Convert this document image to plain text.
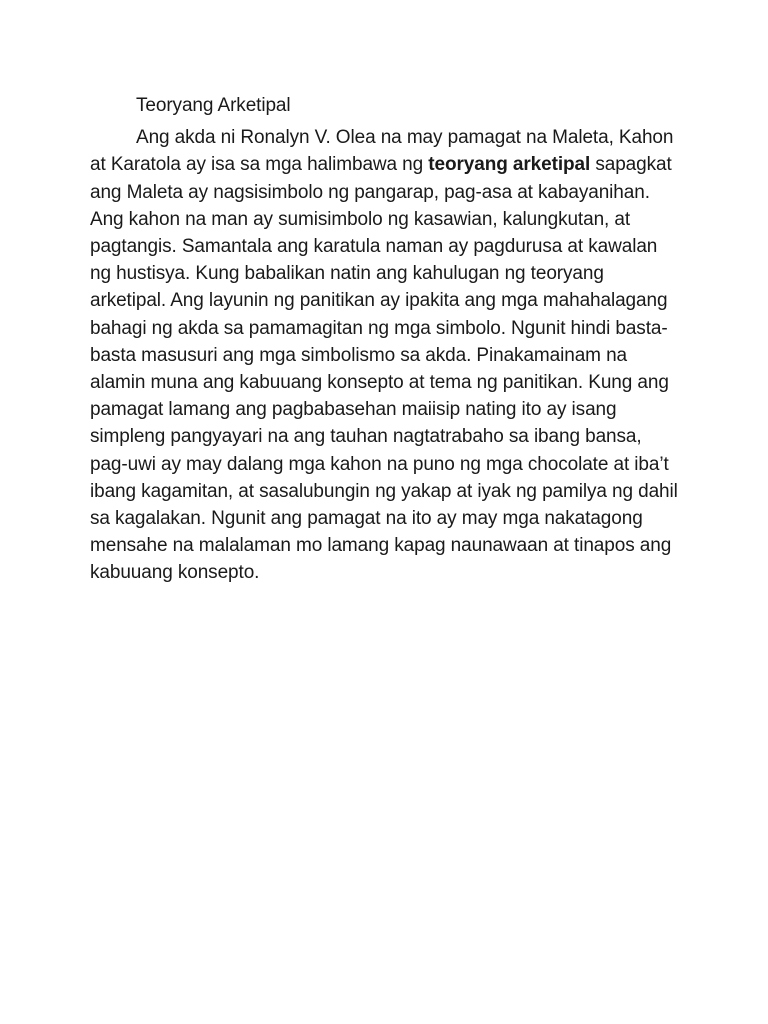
Teoryang Arketipal

Ang akda ni Ronalyn V. Olea na may pamagat na Maleta, Kahon at Karatola ay isa sa mga halimbawa ng teoryang arketipal sapagkat ang Maleta ay nagsisimbolo ng pangarap, pag-asa at kabayanihan. Ang kahon na man ay sumisimbolo ng kasawian, kalungkutan, at pagtangis. Samantala ang karatula naman ay pagdurusa at kawalan ng hustisya. Kung babalikan natin ang kahulugan ng teoryang arketipal. Ang layunin ng panitikan ay ipakita ang mga mahahalagang bahagi ng akda sa pamamagitan ng mga simbolo. Ngunit hindi basta-basta masusuri ang mga simbolismo sa akda. Pinakamainam na alamin muna ang kabuuang konsepto at tema ng panitikan. Kung ang pamagat lamang ang pagbabasehan maiisip nating ito ay isang simpleng pangyayari na ang tauhan nagtatrabaho sa ibang bansa, pag-uwi ay may dalang mga kahon na puno ng mga chocolate at iba’t ibang kagamitan, at sasalubungin ng yakap at iyak ng pamilya ng dahil sa kagalakan. Ngunit ang pamagat na ito ay may mga nakatagong mensahe na malalaman mo lamang kapag naunawaan at tinapos ang kabuuang konsepto.
